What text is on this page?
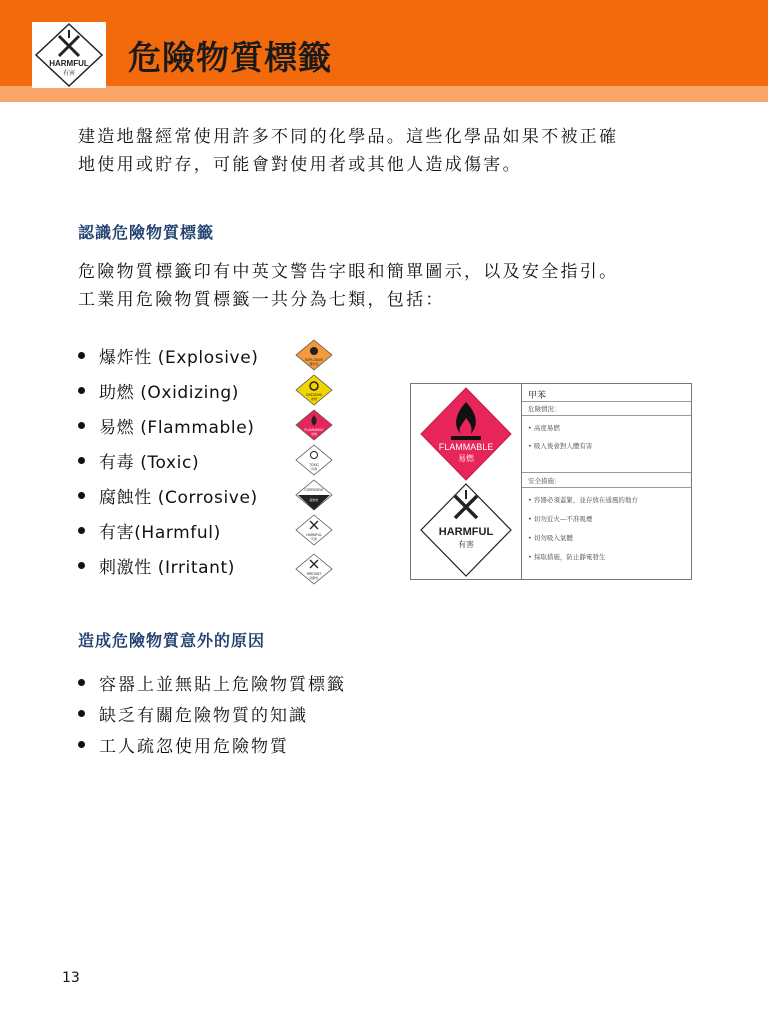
HARMFUL
有害 危險物質標籤

建造地盤經常使用許多不同的化學品。這些化學品如果不被正確
地使用或貯存，可能會對使用者或其他人造成傷害。

認識危險物質標籤

危險物質標籤印有中英文警告字眼和簡單圖示，以及安全指引。
工業用危險物質標籤一共分為七類，包括：

爆炸性 (Explosive)
助燃 (Oxidizing)
易燃 (Flammable)
有毒 (Toxic)
腐蝕性 (Corrosive)
有害(Harmful)
刺激性 (Irritant)
EXPLOSIVE
爆炸性
OXIDIZING
助燃
FLAMMABLE
易燃
TOXIC
有毒
CORROSIVE
腐蝕性
HARMFUL
有害
IRRITANT
刺激性
FLAMMABLE
易燃
HARMFUL
有害
甲苯
危險情況：
• 高度易燃
• 吸入後會對人體有害
安全措施：
• 容器必須蓋緊，並存放在通風的地方
• 切勿近火—不准吸煙
• 切勿吸入氣體
• 採取措施，防止靜電發生
造成危險物質意外的原因
容器上並無貼上危險物質標籤
缺乏有關危險物質的知識
工人疏忽使用危險物質

13
